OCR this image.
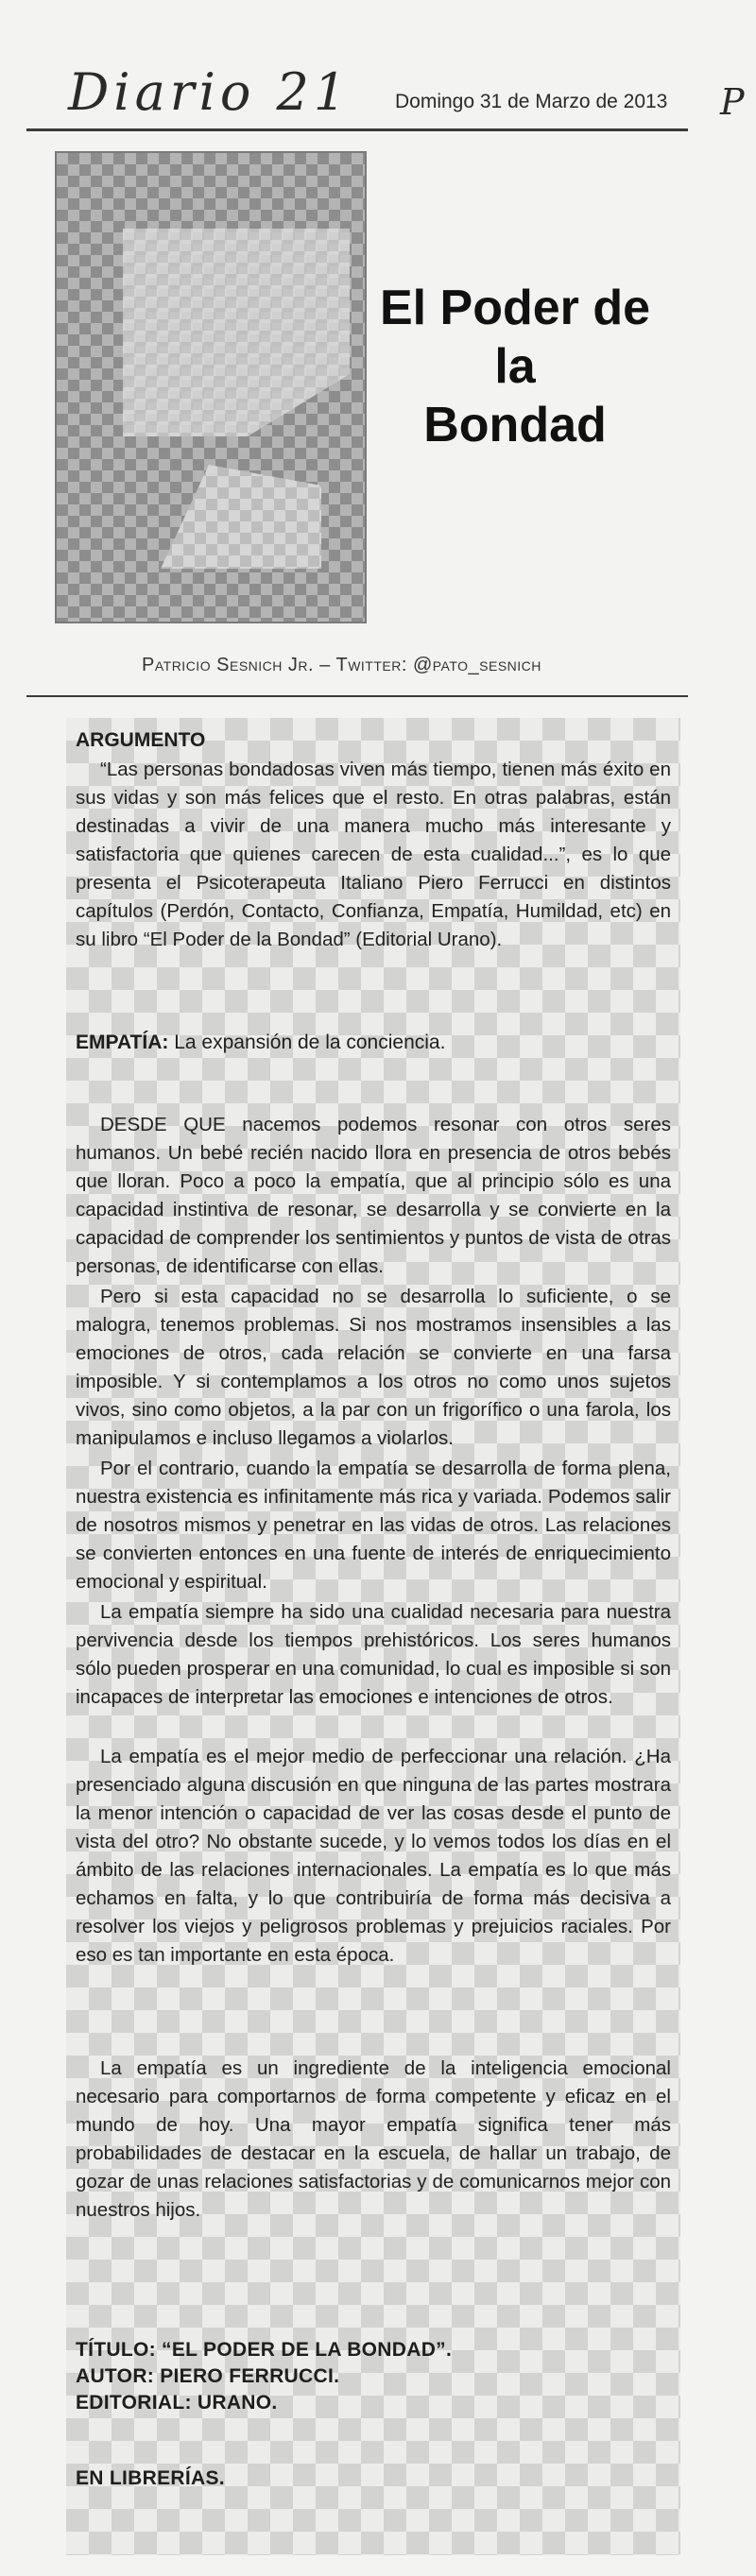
Diario 21 Domingo 31 de Marzo de 2013 P
El Poder de la
Bondad
Patricio Sesnich Jr. – Twitter: @pato_sesnich
ARGUMENTO
“Las personas bondadosas viven más tiempo, tienen más éxito en sus vidas y son más felices que el resto. En otras palabras, están destinadas a vivir de una manera mucho más interesante y satisfactoria que quienes carecen de esta cualidad...”, es lo que presenta el Psicoterapeuta Italiano Piero Ferrucci en distintos capítulos (Perdón, Contacto, Confianza, Empatía, Humildad, etc) en su libro “El Poder de la Bondad” (Editorial Urano).
EMPATÍA: La expansión de la conciencia.
DESDE QUE nacemos podemos resonar con otros seres humanos. Un bebé recién nacido llora en presencia de otros bebés que lloran. Poco a poco la empatía, que al principio sólo es una capacidad instintiva de resonar, se desarrolla y se convierte en la capacidad de comprender los sentimientos y puntos de vista de otras personas, de identificarse con ellas.
Pero si esta capacidad no se desarrolla lo suficiente, o se malogra, tenemos problemas. Si nos mostramos insensibles a las emociones de otros, cada relación se convierte en una farsa imposible. Y si contemplamos a los otros no como unos sujetos vivos, sino como objetos, a la par con un frigorífico o una farola, los manipulamos e incluso llegamos a violarlos.
Por el contrario, cuando la empatía se desarrolla de forma plena, nuestra existencia es infinitamente más rica y variada. Podemos salir de nosotros mismos y penetrar en las vidas de otros. Las relaciones se convierten entonces en una fuente de interés de enriquecimiento emocional y espiritual.
La empatía siempre ha sido una cualidad necesaria para nuestra pervivencia desde los tiempos prehistóricos. Los seres humanos sólo pueden prosperar en una comunidad, lo cual es imposible si son incapaces de interpretar las emociones e intenciones de otros.
La empatía es el mejor medio de perfeccionar una relación. ¿Ha presenciado alguna discusión en que ninguna de las partes mostrara la menor intención o capacidad de ver las cosas desde el punto de vista del otro? No obstante sucede, y lo vemos todos los días en el ámbito de las relaciones internacionales. La empatía es lo que más echamos en falta, y lo que contribuiría de forma más decisiva a resolver los viejos y peligrosos problemas y prejuicios raciales. Por eso es tan importante en esta época.
La empatía es un ingrediente de la inteligencia emocional necesario para comportarnos de forma competente y eficaz en el mundo de hoy. Una mayor empatía significa tener más probabilidades de destacar en la escuela, de hallar un trabajo, de gozar de unas relaciones satisfactorias y de comunicarnos mejor con nuestros hijos.
TÍTULO: “EL PODER DE LA BONDAD”.
AUTOR: PIERO FERRUCCI.
EDITORIAL: URANO.
EN LIBRERÍAS.
